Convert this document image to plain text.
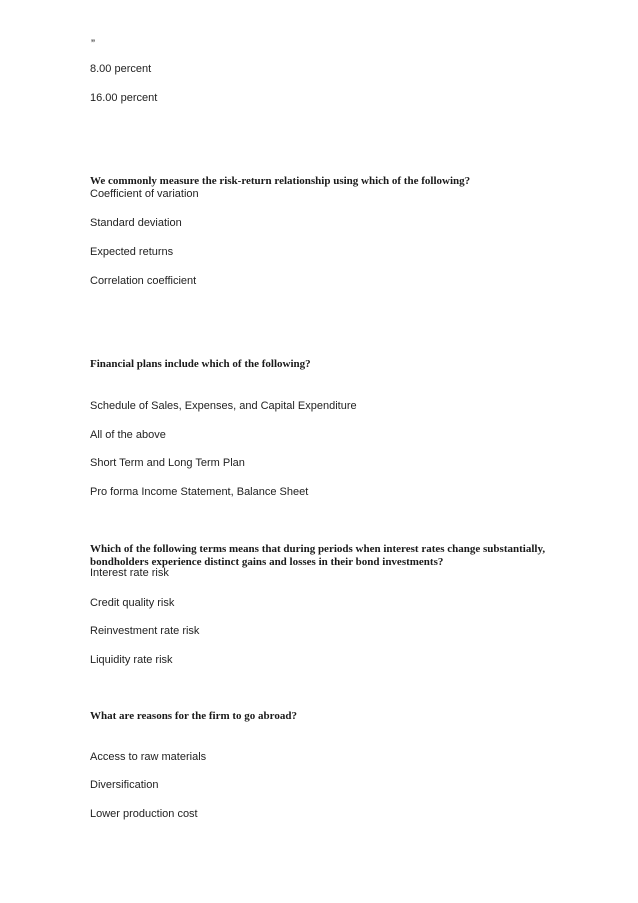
”
8.00 percent
16.00 percent
We commonly measure the risk-return relationship using which of the following?
Coefficient of variation
Standard deviation
Expected returns
Correlation coefficient
Financial plans include which of the following?
Schedule of Sales, Expenses, and Capital Expenditure
All of the above
Short Term and Long Term Plan
Pro forma Income Statement, Balance Sheet
Which of the following terms means that during periods when interest rates change substantially,
bondholders experience distinct gains and losses in their bond investments?
Interest rate risk
Credit quality risk
Reinvestment rate risk
Liquidity rate risk
What are reasons for the firm to go abroad?
Access to raw materials
Diversification
Lower production cost
